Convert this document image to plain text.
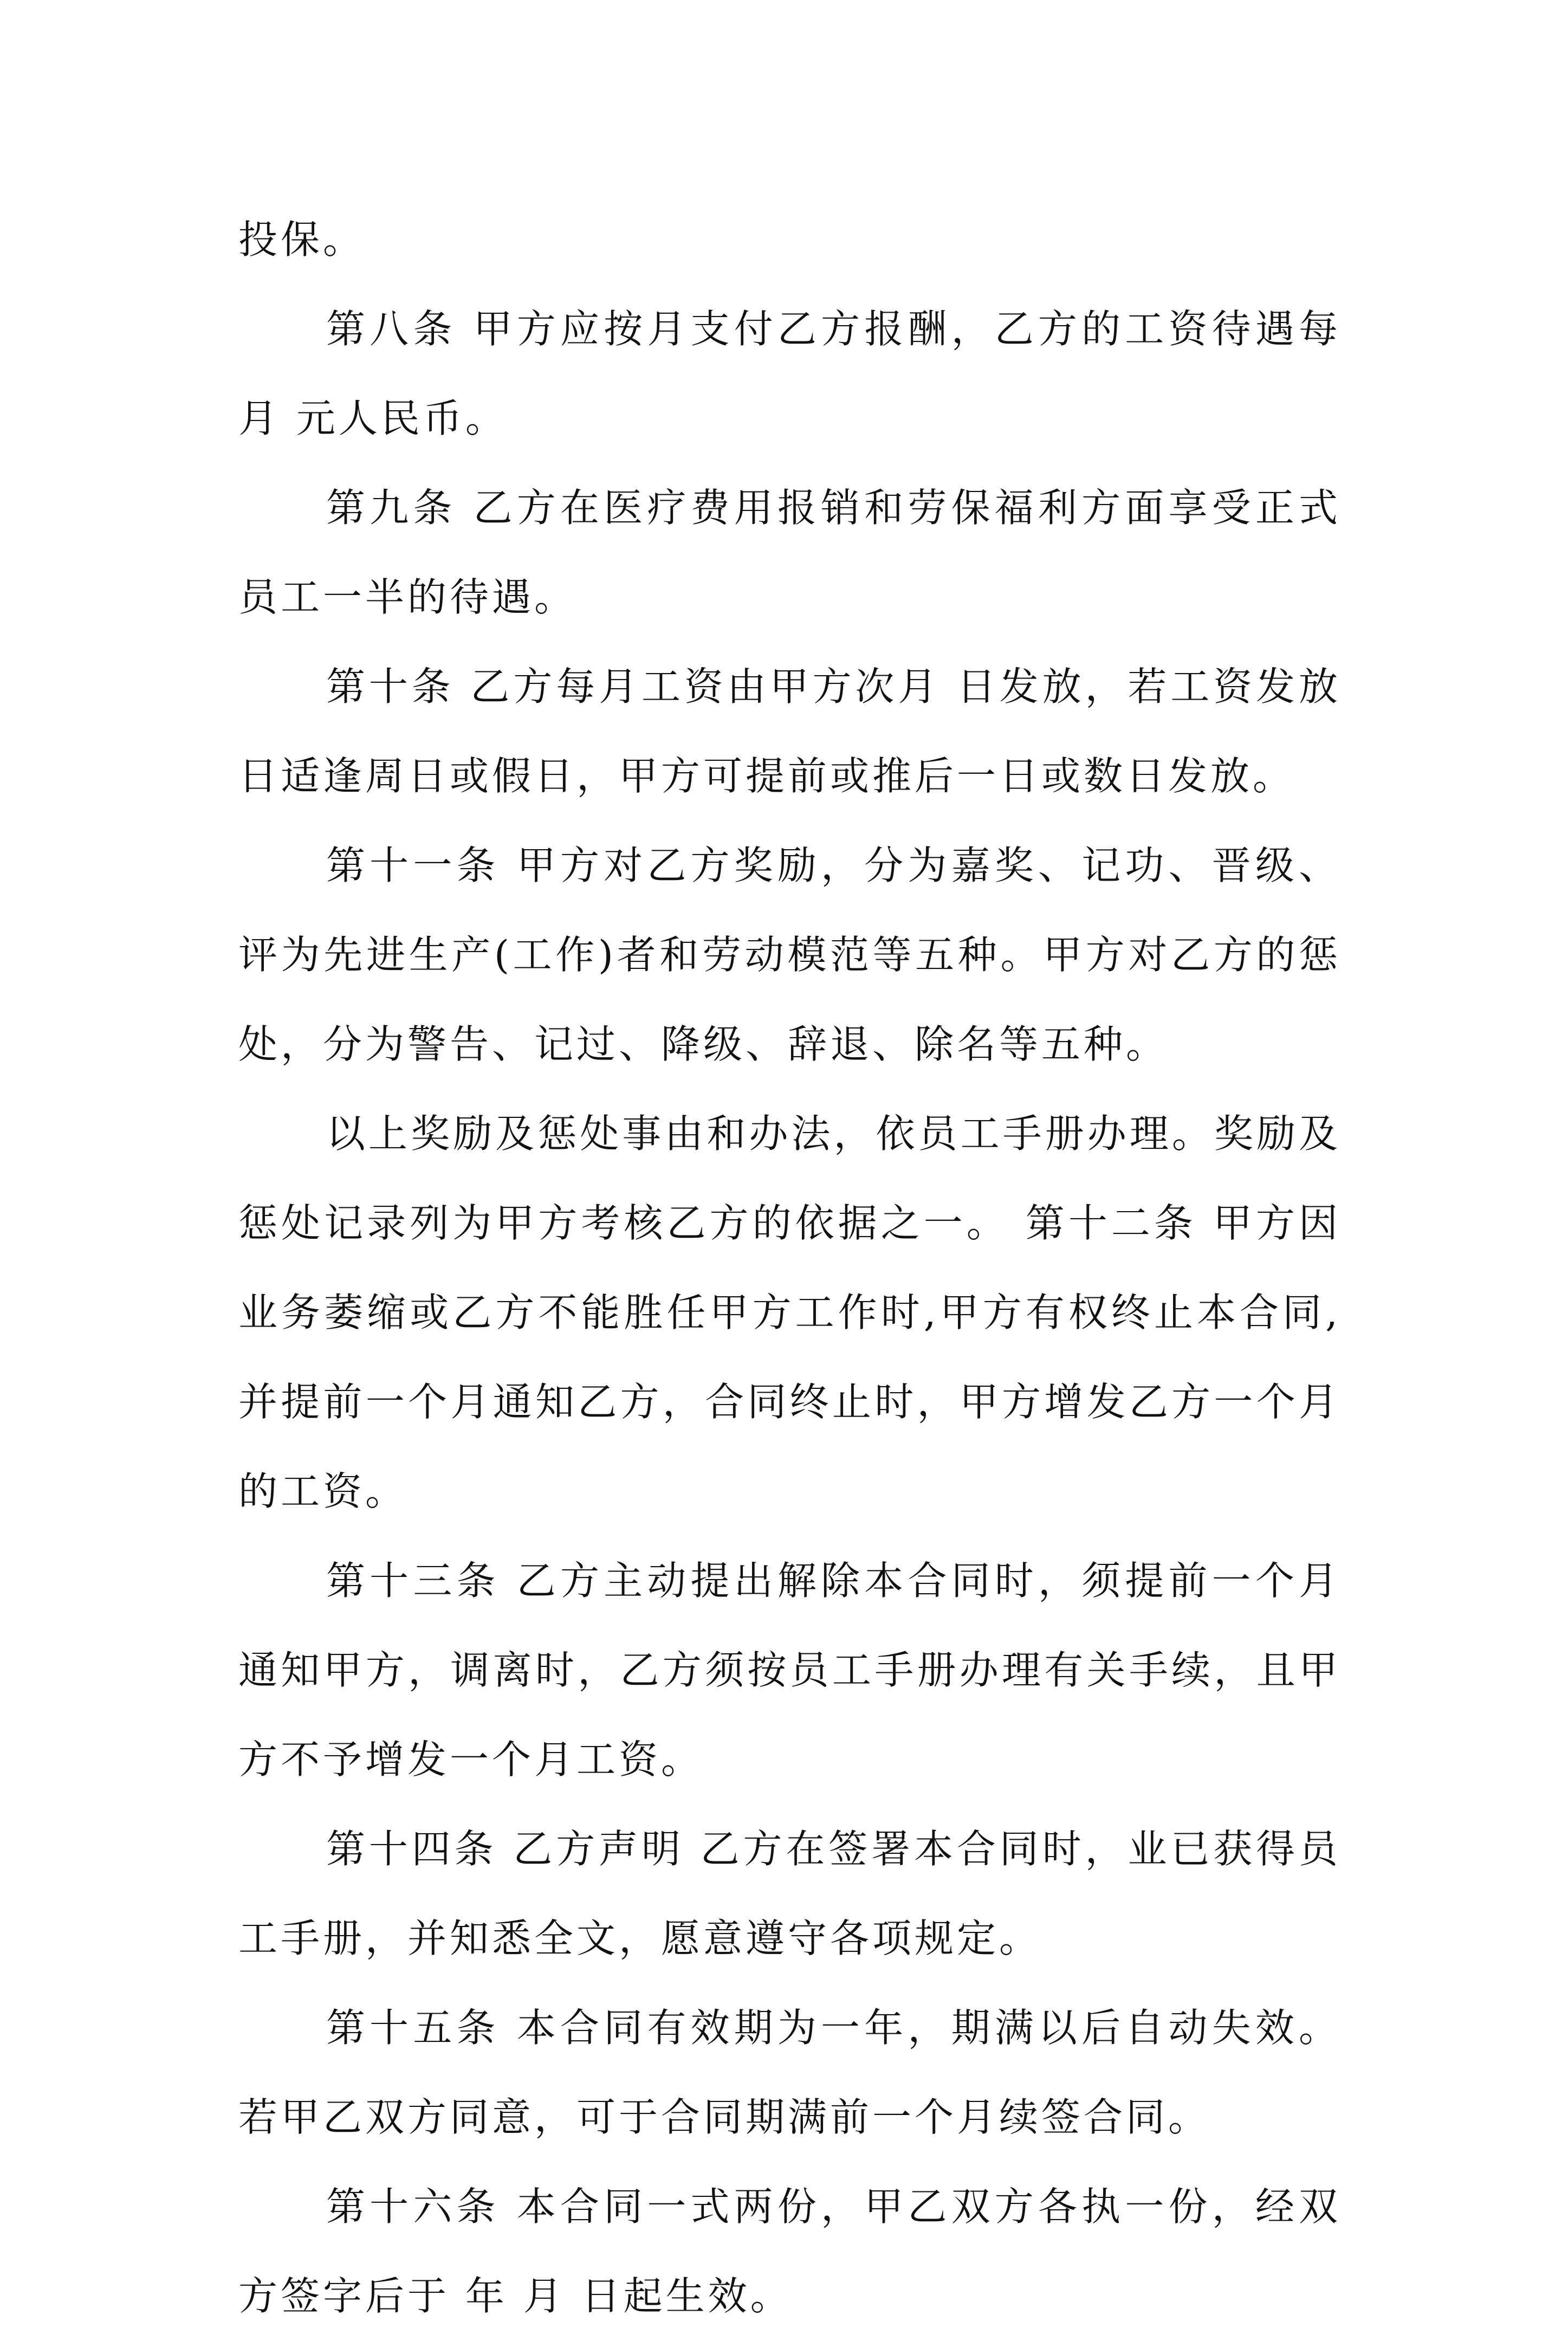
投保。

第八条 甲方应按月支付乙方报酬，乙方的工资待遇每月 元人民币。

第九条 乙方在医疗费用报销和劳保福利方面享受正式员工一半的待遇。

第十条 乙方每月工资由甲方次月 日发放，若工资发放日适逢周日或假日，甲方可提前或推后一日或数日发放。

第十一条 甲方对乙方奖励，分为嘉奖、记功、晋级、评为先进生产(工作)者和劳动模范等五种。甲方对乙方的惩处，分为警告、记过、降级、辞退、除名等五种。

以上奖励及惩处事由和办法，依员工手册办理。奖励及惩处记录列为甲方考核乙方的依据之一。 第十二条 甲方因业务萎缩或乙方不能胜任甲方工作时,甲方有权终止本合同,并提前一个月通知乙方，合同终止时，甲方增发乙方一个月的工资。

第十三条 乙方主动提出解除本合同时，须提前一个月通知甲方，调离时，乙方须按员工手册办理有关手续，且甲方不予增发一个月工资。

第十四条 乙方声明 乙方在签署本合同时，业已获得员工手册，并知悉全文，愿意遵守各项规定。

第十五条 本合同有效期为一年，期满以后自动失效。若甲乙双方同意，可于合同期满前一个月续签合同。

第十六条 本合同一式两份，甲乙双方各执一份，经双方签字后于 年 月 日起生效。
